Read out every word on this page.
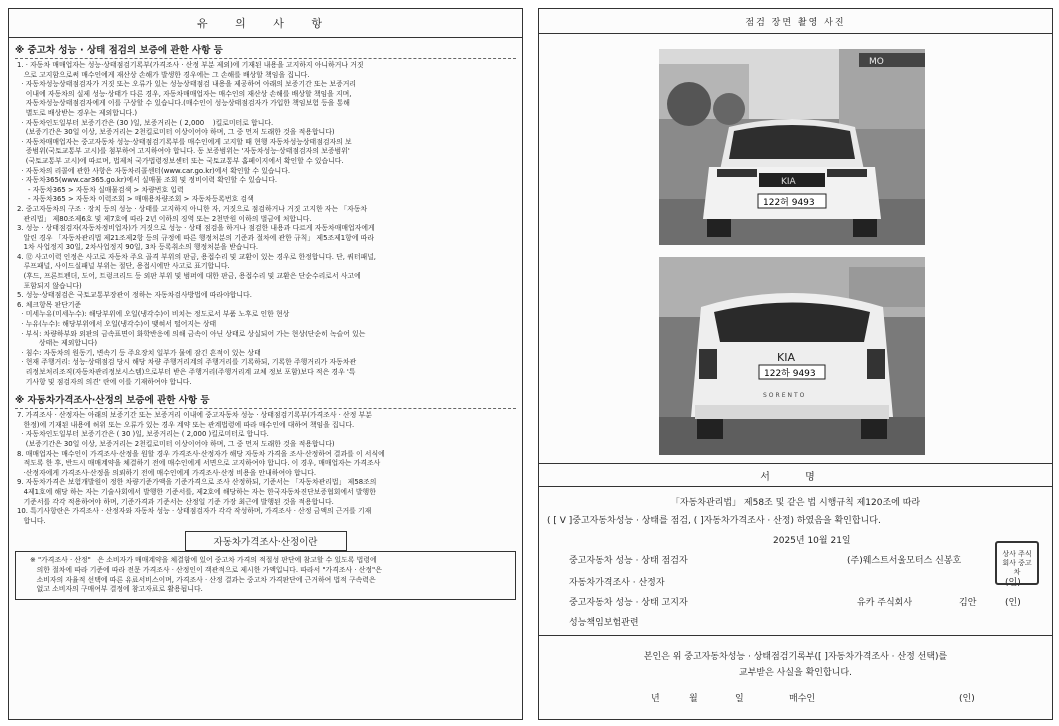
유 의 사 항
※ 중고차 성능 · 상태 점검의 보증에 관한 사항 등
1. · 자동차 매매업자는 성능·상태점검기록부(가격조사 · 산정 부분 제외)에 기재된 내용을 고지하지 아니하거나 거짓
으로 고지함으로써 매수인에게 재산상 손해가 발생한 경우에는 그 손해를 배상할 책임을 집니다.
· 자동차성능상태점검자가 거짓 또는 오류가 있는 성능상태점검 내용을 제공하여 아래의 보증기간 또는 보증거리
이내에 자동차의 실제 성능·상태가 다른 경우, 자동차매매업자는 매수인의 재산상 손해를 배상할 책임을 지며,
자동차성능상태점검자에게 이를 구상할 수 있습니다.(매수인이 성능상태점검자가 가입한 책임보험 등을 통해
별도로 배상받는 경우는 제외합니다.)
· 자동차인도일부터 보증기간은 (30 )일, 보증거리는 ( 2,000    )킬로미터로 합니다.
(보증기간은 30일 이상, 보증거리는 2천킬로미터 이상이어야 하며, 그 중 먼저 도래한 것을 적용합니다)
· 자동차매매업자는 중고자동차 성능·상태점검기록부를 매수인에게 고지할 때 현행 자동차성능상태점검자의 보
증범위(국토교통부 고시)를 첨부하여 고지하여야 합니다. 동 보증범위는 '자동차성능·상태점검자의 보증범위'
(국토교통부 고시)에 따르며, 법제처 국가법령정보센터 또는 국토교통부 홈페이지에서 확인할 수 있습니다.
· 자동차의 리콜에 관한 사항은 자동차리콜센터(www.car.go.kr)에서 확인할 수 있습니다.
· 자동차365(www.car365.go.kr)에서 실매물 조회 및 정비이력 확인할 수 있습니다.
- 자동차365 > 자동차 실매물검색 > 차량번호 입력
- 자동차365 > 자동차 이력조회 > 매매용차량조회 > 자동차등록번호 검색
2. 중고자동차의 구조 · 장치 등의 성능 · 상태를 고지하지 아니한 자, 거짓으로 점검하거나 거짓 고지한 자는 「자동차
관리법」 제80조제6호 및 제7호에 따라 2년 이하의 징역 또는 2천만원 이하의 벌금에 처합니다.
3. 성능 · 상태점검자(자동차정비업자)가 거짓으로 성능 · 상태 점검을 하거나 점검한 내용과 다르게 자동차매매업자에게
알린 경우 「자동차관리법 제21조제2항 등의 규정에 따른 행정처분의 기준과 절차에 관한 규칙」 제5조제1항에 따라
1차 사업정지 30일, 2차사업정지 90일, 3차 등록취소의 행정처분을 받습니다.
4. ⑫ 사고이력 인정은 사고로 자동차 주요 골격 부위의 판금, 용접수리 및 교환이 있는 경우로 한정합니다. 단, 쿼터패널,
루프패널, 사이드실패널 부위는 절단, 용접시에만 사고로 표기합니다.
(후드, 프론트펜더, 도어, 트렁크리드 등 외판 부위 및 범퍼에 대한 판금, 용접수리 및 교환은 단순수리로서 사고에
포함되지 않습니다)
5. 성능·상태점검은 국토교통부장관이 정하는 자동차검사방법에 따라야합니다.
6. 체크항목 판단기준
· 미세누유(미세누수): 해당부위에 오일(냉각수)이 비치는 정도로서 부품 노후로 인한 현상
· 누유(누수): 해당부위에서 오일(냉각수)이 맺혀서 떨어지는 상태
· 부식: 차량하부와 외판의 금속표면이 화학반응에 의해 금속이 아닌 상태로 상실되어 가는 현상(단순히 녹슬어 있는
상태는 제외합니다)
· 침수: 자동차의 원동기, 변속기 등 주요장치 일부가 물에 잠긴 흔적이 있는 상태
· 현재 주행거리: 성능·상태점검 당시 해당 차량 주행거리계의 주행거리를 기록하되, 기록한 주행거리가 자동차관
리정보처리조직(자동차관리정보시스템)으로부터 받은 주행거리(주행거리계 교체 정보 포함)보다 적은 경우 '특
기사항 및 점검자의 의견' 란에 이를 기재하여야 합니다.
※ 자동차가격조사·산정의 보증에 관한 사항 등
7. 가격조사 · 산정자는 아래의 보증기간 또는 보증거리 이내에 중고자동차 성능 · 상태점검기록부(가격조사 · 산정 부분
한정)에 기재된 내용에 허위 또는 오류가 있는 경우 계약 또는 관계법령에 따라 매수인에 대하여 책임을 집니다.
· 자동차인도일부터 보증기간은 ( 30 )일, 보증거리는 ( 2,000 )킬로미터로 합니다.
(보증기간은 30일 이상, 보증거리는 2천킬로미터 이상이어야 하며, 그 중 먼저 도래한 것을 적용합니다)
8. 매매업자는 매수인이 가격조사·산정을 원할 경우 가격조사·산정자가 해당 자동차 가격을 조사·산정하여 결과를 이 서식에
적도록 한 후, 반드시 매매계약을 체결하기 전에 매수인에게 서면으로 고지하여야 합니다. 이 경우, 매매업자는 가격조사
·산정자에게 가격조사·산정을 의뢰하기 전에 매수인에게 가격조사·산정 비용을 안내하여야 합니다.
9. 자동차가격은 보험개발원이 정한 차량기준가액을 기준가격으로 조사 산정하되, 기준서는 「자동차관리법」 제58조의
4제1호에 해당 하는 자는 기술사회에서 발행한 기준서를, 제2호에 해당하는 자는 한국자동차진단보증협회에서 발행한
기준서를 각각 적용하여야 하며, 기준가격과 기준서는 산정일 기준 가장 최근에 발행된 것을 적용합니다.
10. 특기사항란은 가격조사 · 산정자와 자동차 성능 · 상태점검자가 각각 작성하며, 가격조사 · 산정 금액의 근거를 기재
합니다.
자동차가격조사·산정이란
※ "가격조사 · 산정"   은 소비자가 매매계약을 체결함에 있어 중고차 가격의 적절성 판단에 참고할 수 있도록 법령에
의한 절차에 따라 기준에 따라 전문 가격조사 · 산정인이 객관적으로 제시한 가액입니다. 따라서 "가격조사 · 산정"은
소비자의 자율적 선택에 따른 유료서비스이며, 가격조사 · 산정 결과는 중고차 가격판단에 근거하여 법적 구속력은
없고 소비자의 구매여부 결정에 참고자료로 활용됩니다.
점검 장면 촬영 사진
MO
KIA
122허 9493
KIA
122하 9493
SORENTO
서 명
「자동차관리법」 제58조 및 같은 법 시행규칙 제120조에 따라
( [ V ]중고자동차성능 · 상태를 점검, ( ]자동차가격조사 · 산정) 하였음을 확인합니다.
2025년 10월 21일
중고자동차 성능 · 상태 점검자	(주)웨스트서울모터스 신봉호
자동차가격조사 · 산정자	(인)
중고자동차 성능 · 상태 고지자	유카 주식회사	김안	(인)
성능책임보험관련
상사 주식회사 중고차
본인은 위 중고자동차성능 · 상태점검기록부([ ]자동차가격조사 · 산정 선택)를
교부받은 사실을 확인합니다.
년	월	일	매수인	(인)
